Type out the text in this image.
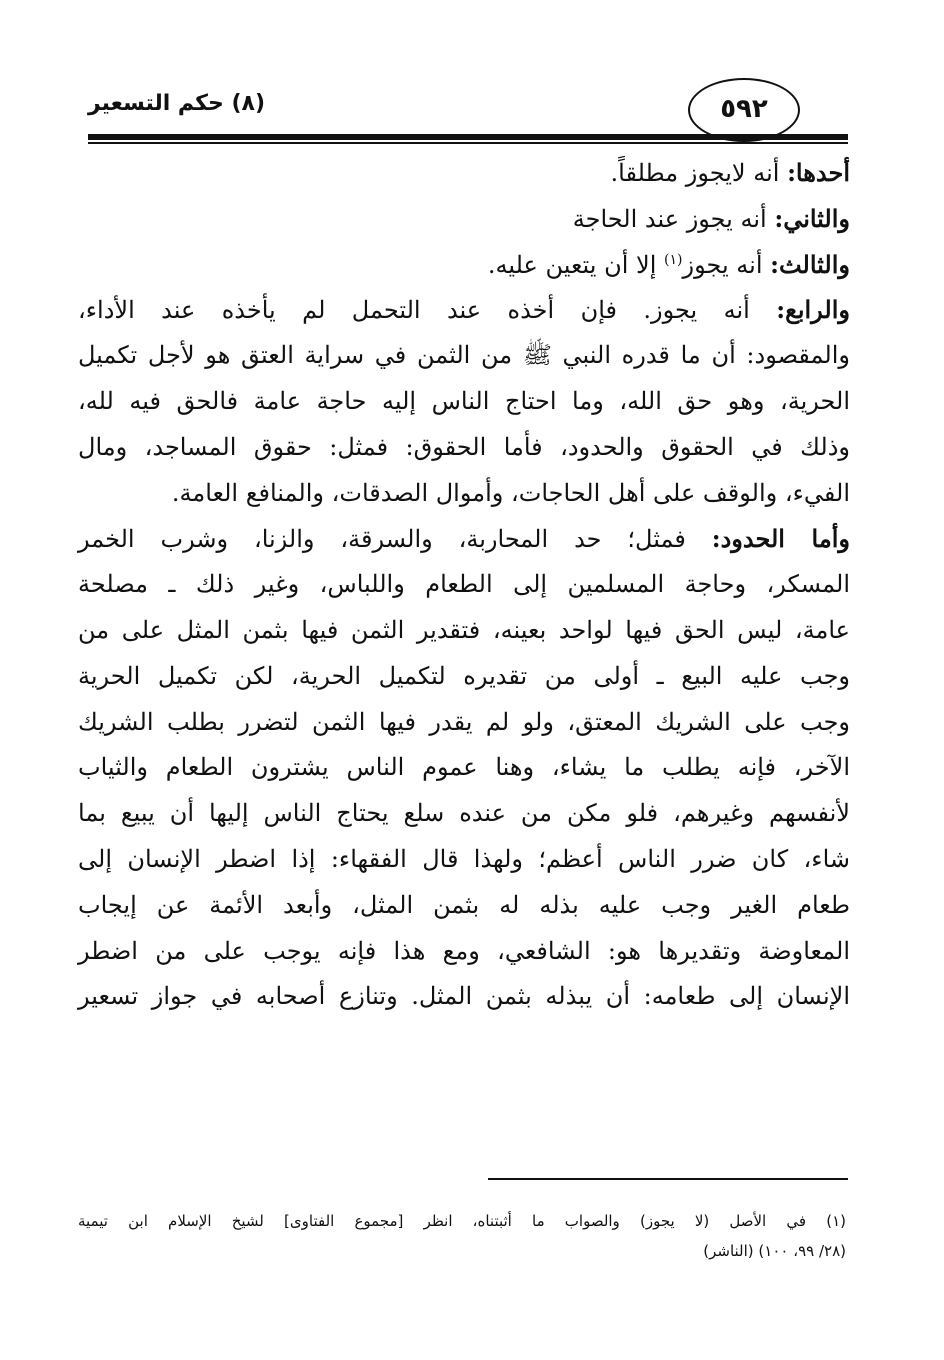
(٨) حكم التسعير	٥٩٢
أحدها: أنه لايجوز مطلقاً.
والثاني: أنه يجوز عند الحاجة
والثالث: أنه يجوز$^{(١)}$ إلا أن يتعين عليه.
والرابع: أنه يجوز. فإن أخذه عند التحمل لم يأخذه عند الأداء،
والمقصود: أن ما قدره النبي ﷺ من الثمن في سراية العتق هو لأجل تكميل
الحرية، وهو حق الله، وما احتاج الناس إليه حاجة عامة فالحق فيه لله،
وذلك في الحقوق والحدود، فأما الحقوق: فمثل: حقوق المساجد، ومال
الفيء، والوقف على أهل الحاجات، وأموال الصدقات، والمنافع العامة.
وأما الحدود: فمثل؛ حد المحاربة، والسرقة، والزنا، وشرب الخمر
المسكر، وحاجة المسلمين إلى الطعام واللباس، وغير ذلك ـ مصلحة
عامة، ليس الحق فيها لواحد بعينه، فتقدير الثمن فيها بثمن المثل على من
وجب عليه البيع ـ أولى من تقديره لتكميل الحرية، لكن تكميل الحرية
وجب على الشريك المعتق، ولو لم يقدر فيها الثمن لتضرر بطلب الشريك
الآخر، فإنه يطلب ما يشاء، وهنا عموم الناس يشترون الطعام والثياب
لأنفسهم وغيرهم، فلو مكن من عنده سلع يحتاج الناس إليها أن يبيع بما
شاء، كان ضرر الناس أعظم؛ ولهذا قال الفقهاء: إذا اضطر الإنسان إلى
طعام الغير وجب عليه بذله له بثمن المثل، وأبعد الأئمة عن إيجاب
المعاوضة وتقديرها هو: الشافعي، ومع هذا فإنه يوجب على من اضطر
الإنسان إلى طعامه: أن يبذله بثمن المثل. وتنازع أصحابه في جواز تسعير
(١) في الأصل (لا يجوز) والصواب ما أثبتناه، انظر [مجموع الفتاوى] لشيخ الإسلام ابن تيمية
(٢٨/ ٩٩، ١٠٠) (الناشر)
